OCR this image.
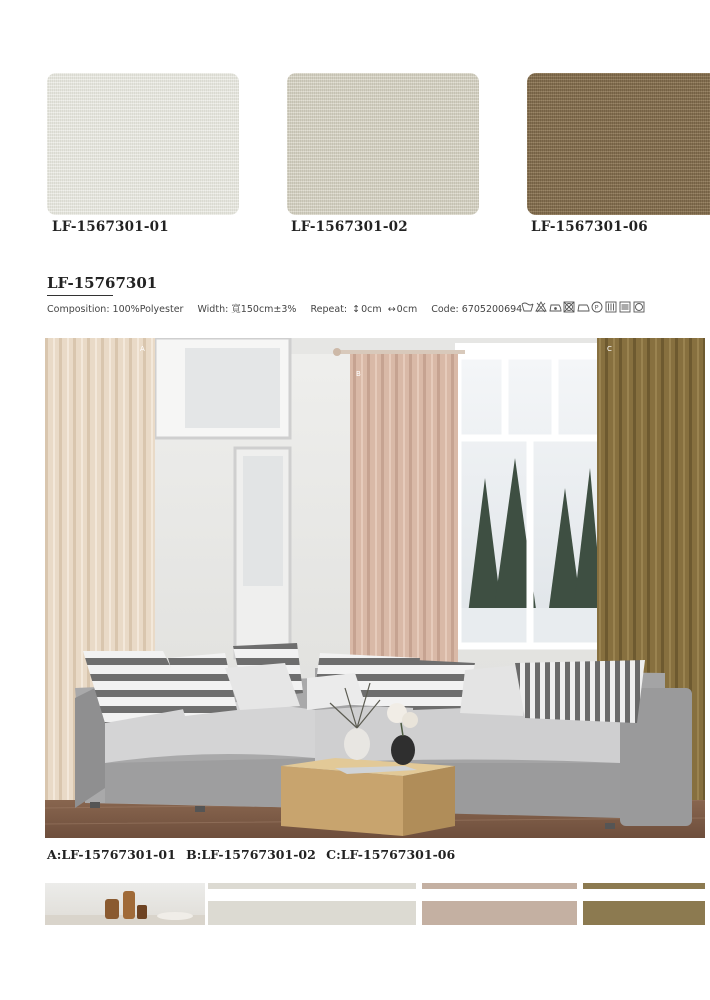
LF-1567301-01	LF-1567301-02	LF-1567301-06
LF-15767301
Composition: 100%Polyester Width: 寬150cm±3% Repeat: ↕0cm ↔0cm Code: 6705200694	P
A
B
C
A:LF-15767301-01 B:LF-15767301-02 C:LF-15767301-06
